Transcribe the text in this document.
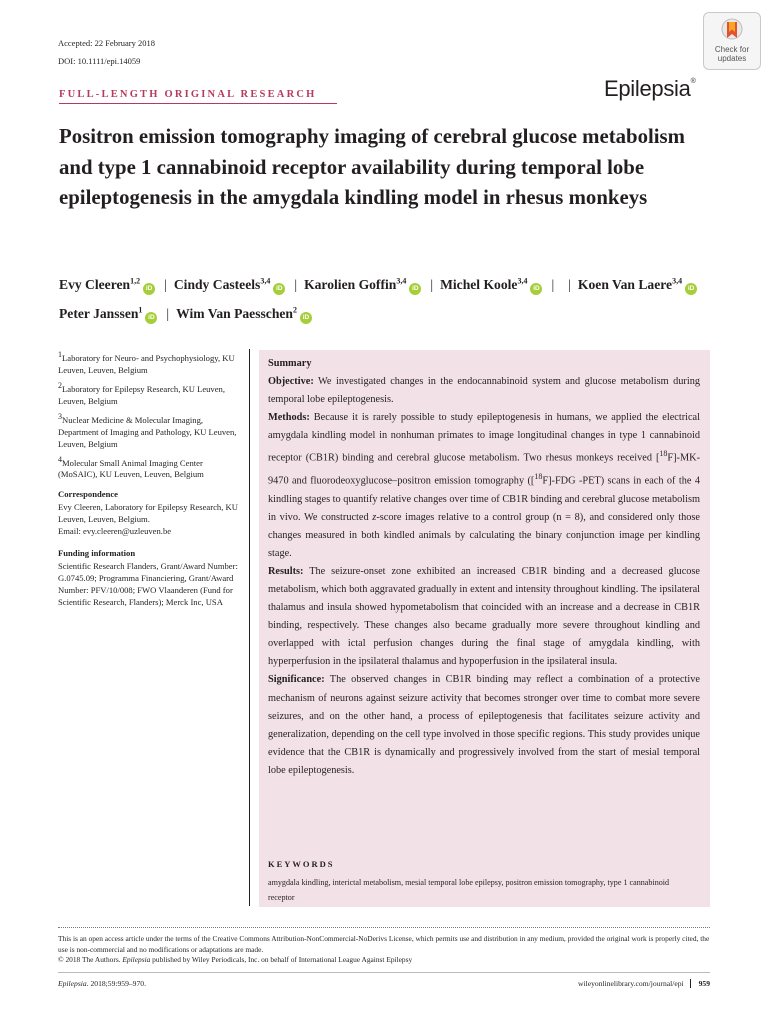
Accepted: 22 February 2018
DOI: 10.1111/epi.14059
Check for
updates
Epilepsia®
FULL-LENGTH ORIGINAL RESEARCH
Positron emission tomography imaging of cerebral glucose metabolism and type 1 cannabinoid receptor availability during temporal lobe epileptogenesis in the amygdala kindling model in rhesus monkeys
Evy Cleeren$^{1,2}$iD | Cindy Casteels$^{3,4}$iD | Karolien Goffin$^{3,4}$iD | Michel Koole$^{3,4}$iD | | Koen Van Laere$^{3,4}$iD
Peter Janssen$^1$iD | Wim Van Paesschen$^2$iD

$^1$Laboratory for Neuro- and Psychophysiology, KU Leuven, Leuven, Belgium

$^2$Laboratory for Epilepsy Research, KU Leuven, Leuven, Belgium

$^3$Nuclear Medicine & Molecular Imaging, Department of Imaging and Pathology, KU Leuven, Leuven, Belgium

$^4$Molecular Small Animal Imaging Center (MoSAIC), KU Leuven, Leuven, Belgium

Correspondence

Evy Cleeren, Laboratory for Epilepsy Research, KU Leuven, Leuven, Belgium.

Email: evy.cleeren@uzleuven.be

Funding information

Scientific Research Flanders, Grant/Award Number: G.0745.09; Programma Financiering, Grant/Award Number: PFV/10/008; FWO Vlaanderen (Fund for Scientific Research, Flanders); Merck Inc, USA

Summary

Objective: We investigated changes in the endocannabinoid system and glucose metabolism during temporal lobe epileptogenesis.

Methods: Because it is rarely possible to study epileptogenesis in humans, we applied the electrical amygdala kindling model in nonhuman primates to image longitudinal changes in type 1 cannabinoid receptor (CB1R) binding and cerebral glucose metabolism. Two rhesus monkeys received [$^{18}$F]-MK-9470 and fluorodeoxyglucose–positron emission tomography ([$^{18}$F]-FDG -PET) scans in each of the 4 kindling stages to quantify relative changes over time of CB1R binding and cerebral glucose metabolism in vivo. We constructed z-score images relative to a control group (n = 8), and considered only those changes measured in both kindled animals by calculating the binary conjunction image per kindling stage.

Results: The seizure-onset zone exhibited an increased CB1R binding and a decreased glucose metabolism, which both aggravated gradually in extent and intensity throughout kindling. The ipsilateral thalamus and insula showed hypometabolism that coincided with an increase and a decrease in CB1R binding, respectively. These changes also became gradually more severe throughout kindling and overlapped with ictal perfusion changes during the final stage of amygdala kindling, with hyperperfusion in the ipsilateral thalamus and hypoperfusion in the ipsilateral insula.

Significance: The observed changes in CB1R binding may reflect a combination of a protective mechanism of neurons against seizure activity that becomes stronger over time to combat more severe seizures, and on the other hand, a process of epileptogenesis that facilitates seizure activity and generalization, depending on the cell type involved in those specific regions. This study provides unique evidence that the CB1R is dynamically and progressively involved from the start of mesial temporal lobe epileptogenesis.

KEYWORDS
amygdala kindling, interictal metabolism, mesial temporal lobe epilepsy, positron emission tomography, type 1 cannabinoid receptor

This is an open access article under the terms of the Creative Commons Attribution-NonCommercial-NoDerivs License, which permits use and distribution in any medium, provided the original work is properly cited, the use is non-commercial and no modifications or adaptations are made.

© 2018 The Authors. Epilepsia published by Wiley Periodicals, Inc. on behalf of International League Against Epilepsy

Epilepsia. 2018;59:959–970.	wileyonlinelibrary.com/journal/epi 959
